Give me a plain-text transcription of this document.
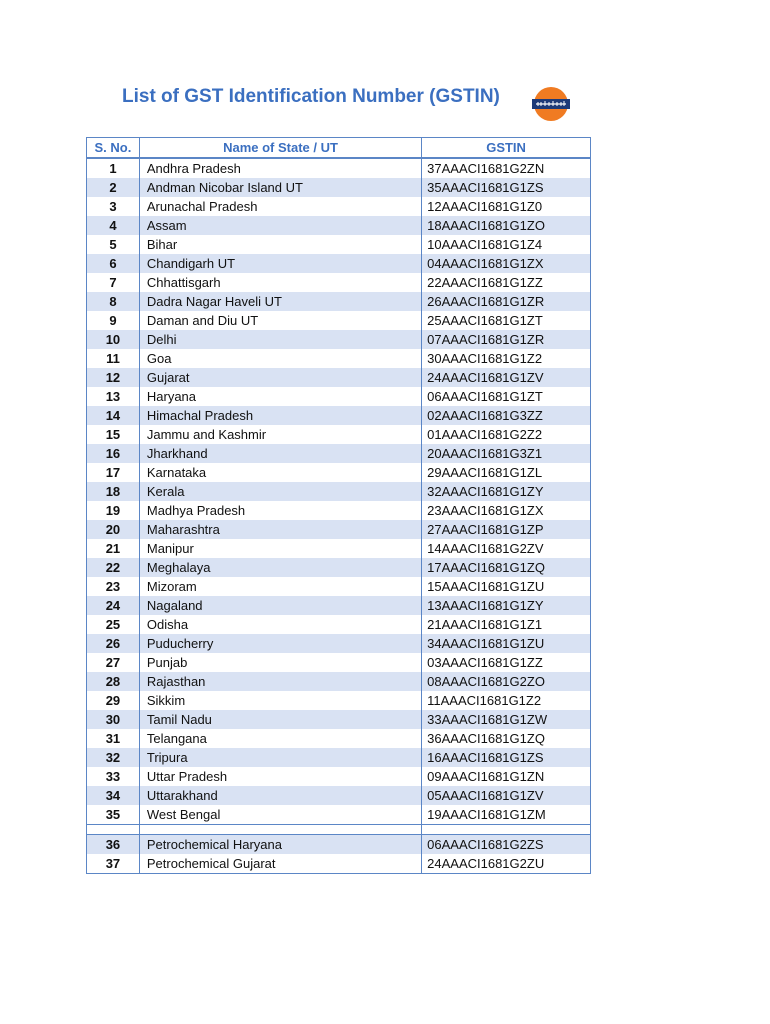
List of GST Identification Number (GSTIN)
S. No.	Name of State / UT	GSTIN
1	Andhra Pradesh	37AAACI1681G2ZN
2	Andman Nicobar Island UT	35AAACI1681G1ZS
3	Arunachal Pradesh	12AAACI1681G1Z0
4	Assam	18AAACI1681G1ZO
5	Bihar	10AAACI1681G1Z4
6	Chandigarh UT	04AAACI1681G1ZX
7	Chhattisgarh	22AAACI1681G1ZZ
8	Dadra Nagar Haveli UT	26AAACI1681G1ZR
9	Daman and Diu UT	25AAACI1681G1ZT
10	Delhi	07AAACI1681G1ZR
11	Goa	30AAACI1681G1Z2
12	Gujarat	24AAACI1681G1ZV
13	Haryana	06AAACI1681G1ZT
14	Himachal Pradesh	02AAACI1681G3ZZ
15	Jammu and Kashmir	01AAACI1681G2Z2
16	Jharkhand	20AAACI1681G3Z1
17	Karnataka	29AAACI1681G1ZL
18	Kerala	32AAACI1681G1ZY
19	Madhya Pradesh	23AAACI1681G1ZX
20	Maharashtra	27AAACI1681G1ZP
21	Manipur	14AAACI1681G2ZV
22	Meghalaya	17AAACI1681G1ZQ
23	Mizoram	15AAACI1681G1ZU
24	Nagaland	13AAACI1681G1ZY
25	Odisha	21AAACI1681G1Z1
26	Puducherry	34AAACI1681G1ZU
27	Punjab	03AAACI1681G1ZZ
28	Rajasthan	08AAACI1681G2ZO
29	Sikkim	11AAACI1681G1Z2
30	Tamil Nadu	33AAACI1681G1ZW
31	Telangana	36AAACI1681G1ZQ
32	Tripura	16AAACI1681G1ZS
33	Uttar Pradesh	09AAACI1681G1ZN
34	Uttarakhand	05AAACI1681G1ZV
35	West Bengal	19AAACI1681G1ZM

36	Petrochemical Haryana	06AAACI1681G2ZS
37	Petrochemical Gujarat	24AAACI1681G2ZU
